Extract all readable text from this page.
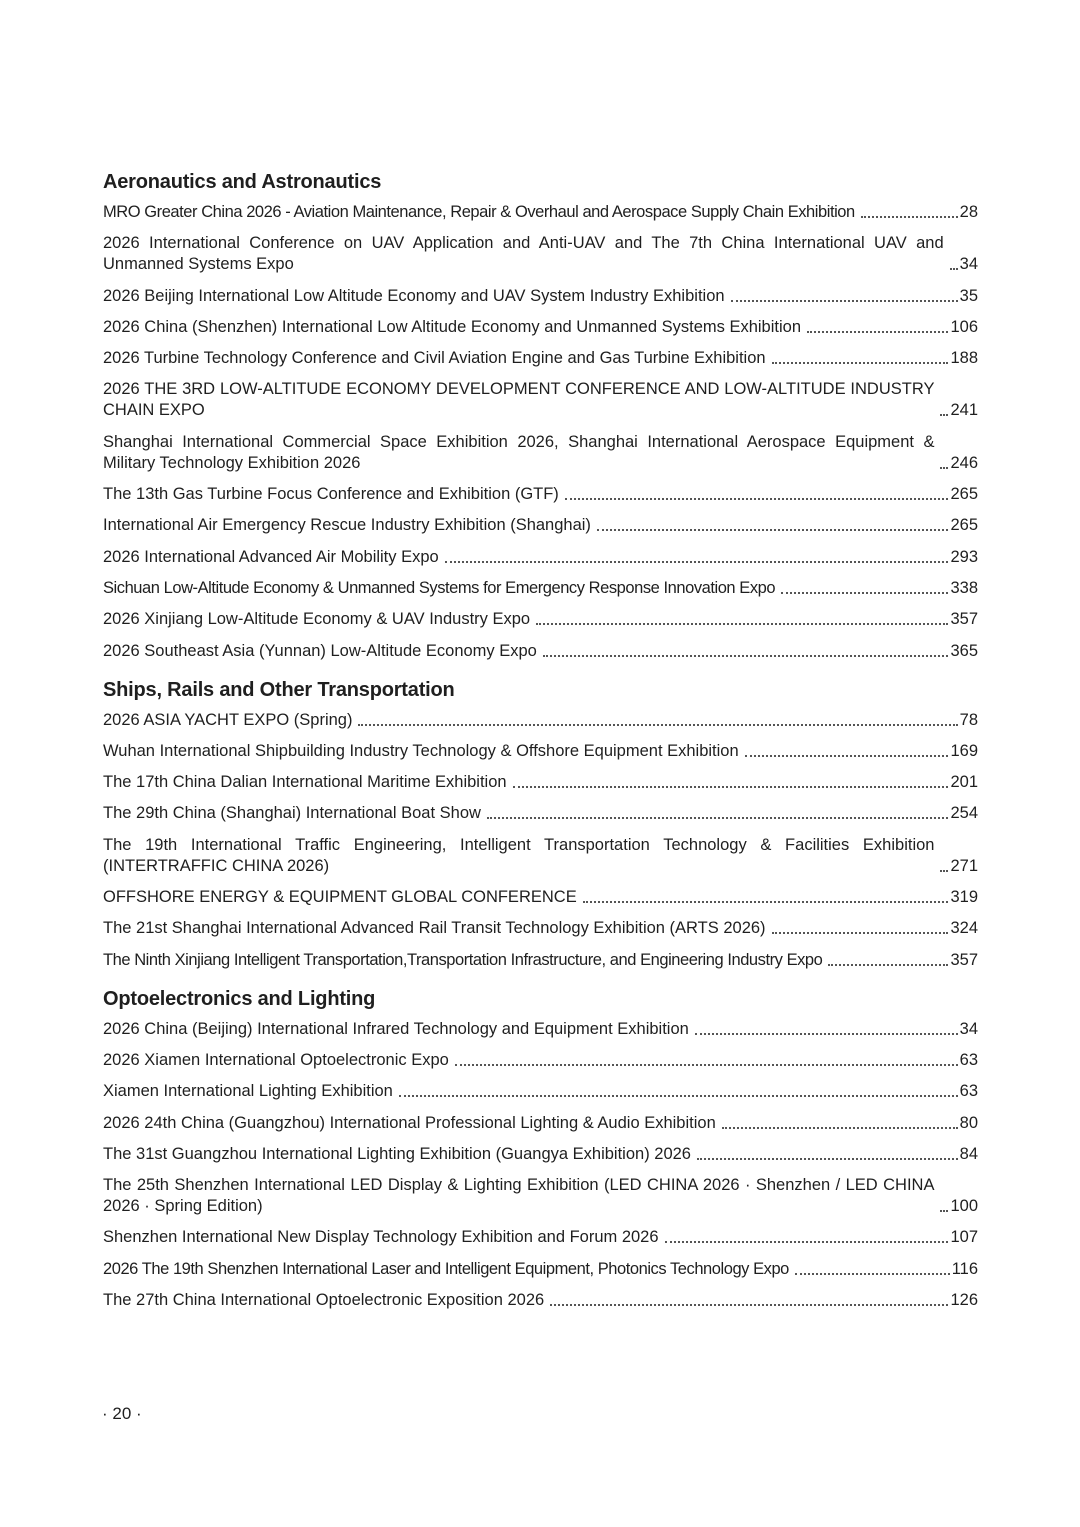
Aeronautics and Astronautics
MRO Greater China 2026 - Aviation Maintenance, Repair & Overhaul and Aerospace Supply Chain Exhibition	28
2026 International Conference on UAV Application and Anti-UAV and The 7th China International UAV and Unmanned Systems Expo	34
2026 Beijing International Low Altitude Economy and UAV System Industry Exhibition	35
2026 China (Shenzhen) International Low Altitude Economy and Unmanned Systems Exhibition	106
2026 Turbine Technology Conference and Civil Aviation Engine and Gas Turbine Exhibition	188
2026 THE 3RD LOW-ALTITUDE ECONOMY DEVELOPMENT CONFERENCE AND LOW-ALTITUDE INDUSTRY CHAIN EXPO	241
Shanghai International Commercial Space Exhibition 2026, Shanghai International Aerospace Equipment & Military Technology Exhibition 2026	246
The 13th Gas Turbine Focus Conference and Exhibition (GTF)	265
International Air Emergency Rescue Industry Exhibition (Shanghai)	265
2026 International Advanced Air Mobility Expo	293
Sichuan Low-Altitude Economy & Unmanned Systems for Emergency Response Innovation Expo	338
2026 Xinjiang Low-Altitude Economy & UAV Industry Expo	357
2026 Southeast Asia (Yunnan) Low-Altitude Economy Expo	365
Ships, Rails and Other Transportation
2026 ASIA YACHT EXPO (Spring)	78
Wuhan International Shipbuilding Industry Technology & Offshore Equipment Exhibition	169
The 17th China Dalian International Maritime Exhibition	201
The 29th China (Shanghai) International Boat Show	254
The 19th International Traffic Engineering, Intelligent Transportation Technology & Facilities Exhibition (INTERTRAFFIC CHINA 2026)	271
OFFSHORE ENERGY & EQUIPMENT GLOBAL CONFERENCE	319
The 21st Shanghai International Advanced Rail Transit Technology Exhibition (ARTS 2026)	324
The Ninth Xinjiang Intelligent Transportation,Transportation Infrastructure, and Engineering Industry Expo	357
Optoelectronics and Lighting
2026 China (Beijing) International Infrared Technology and Equipment Exhibition	34
2026 Xiamen International Optoelectronic Expo	63
Xiamen International Lighting Exhibition	63
2026 24th China (Guangzhou) International Professional Lighting & Audio Exhibition	80
The 31st Guangzhou International Lighting Exhibition (Guangya Exhibition) 2026	84
The 25th Shenzhen International LED Display & Lighting Exhibition (LED CHINA 2026 · Shenzhen / LED CHINA 2026 · Spring Edition)	100
Shenzhen International New Display Technology Exhibition and Forum 2026	107
2026 The 19th Shenzhen International Laser and Intelligent Equipment, Photonics Technology Expo	116
The 27th China International Optoelectronic Exposition 2026	126
· 20 ·
